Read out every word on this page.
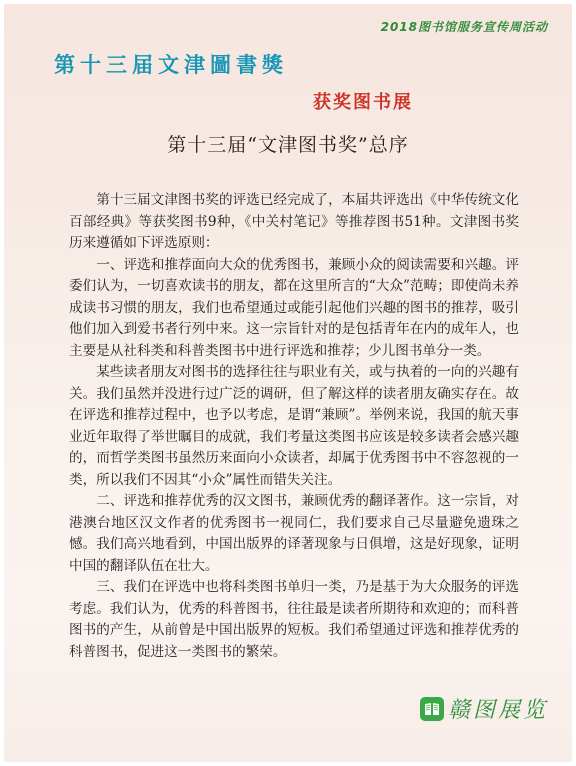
2018图书馆服务宣传周活动
第十三届文津圖書獎
获奖图书展
第十三届“文津图书奖”总序

第十三届文津图书奖的评选已经完成了，本届共评选出《中华传统文化百部经典》等获奖图书9种，《中关村笔记》等推荐图书51种。文津图书奖历来遵循如下评选原则：

一、评选和推荐面向大众的优秀图书，兼顾小众的阅读需要和兴趣。评委们认为，一切喜欢读书的朋友，都在这里所言的“大众”范畴；即使尚未养成读书习惯的朋友，我们也希望通过或能引起他们兴趣的图书的推荐，吸引他们加入到爱书者行列中来。这一宗旨针对的是包括青年在内的成年人，也主要是从社科类和科普类图书中进行评选和推荐；少儿图书单分一类。

某些读者朋友对图书的选择往往与职业有关，或与执着的一向的兴趣有关。我们虽然并没进行过广泛的调研，但了解这样的读者朋友确实存在。故在评选和推荐过程中，也予以考虑，是谓“兼顾”。举例来说，我国的航天事业近年取得了举世瞩目的成就，我们考量这类图书应该是较多读者会感兴趣的，而哲学类图书虽然历来面向小众读者，却属于优秀图书中不容忽视的一类，所以我们不因其“小众”属性而错失关注。

二、评选和推荐优秀的汉文图书，兼顾优秀的翻译著作。这一宗旨，对港澳台地区汉文作者的优秀图书一视同仁，我们要求自己尽量避免遗珠之憾。我们高兴地看到，中国出版界的译著现象与日俱增，这是好现象，证明中国的翻译队伍在壮大。

三、我们在评选中也将科类图书单归一类，乃是基于为大众服务的评选考虑。我们认为，优秀的科普图书，往往最是读者所期待和欢迎的；而科普图书的产生，从前曾是中国出版界的短板。我们希望通过评选和推荐优秀的科普图书，促进这一类图书的繁荣。

赣图展览
